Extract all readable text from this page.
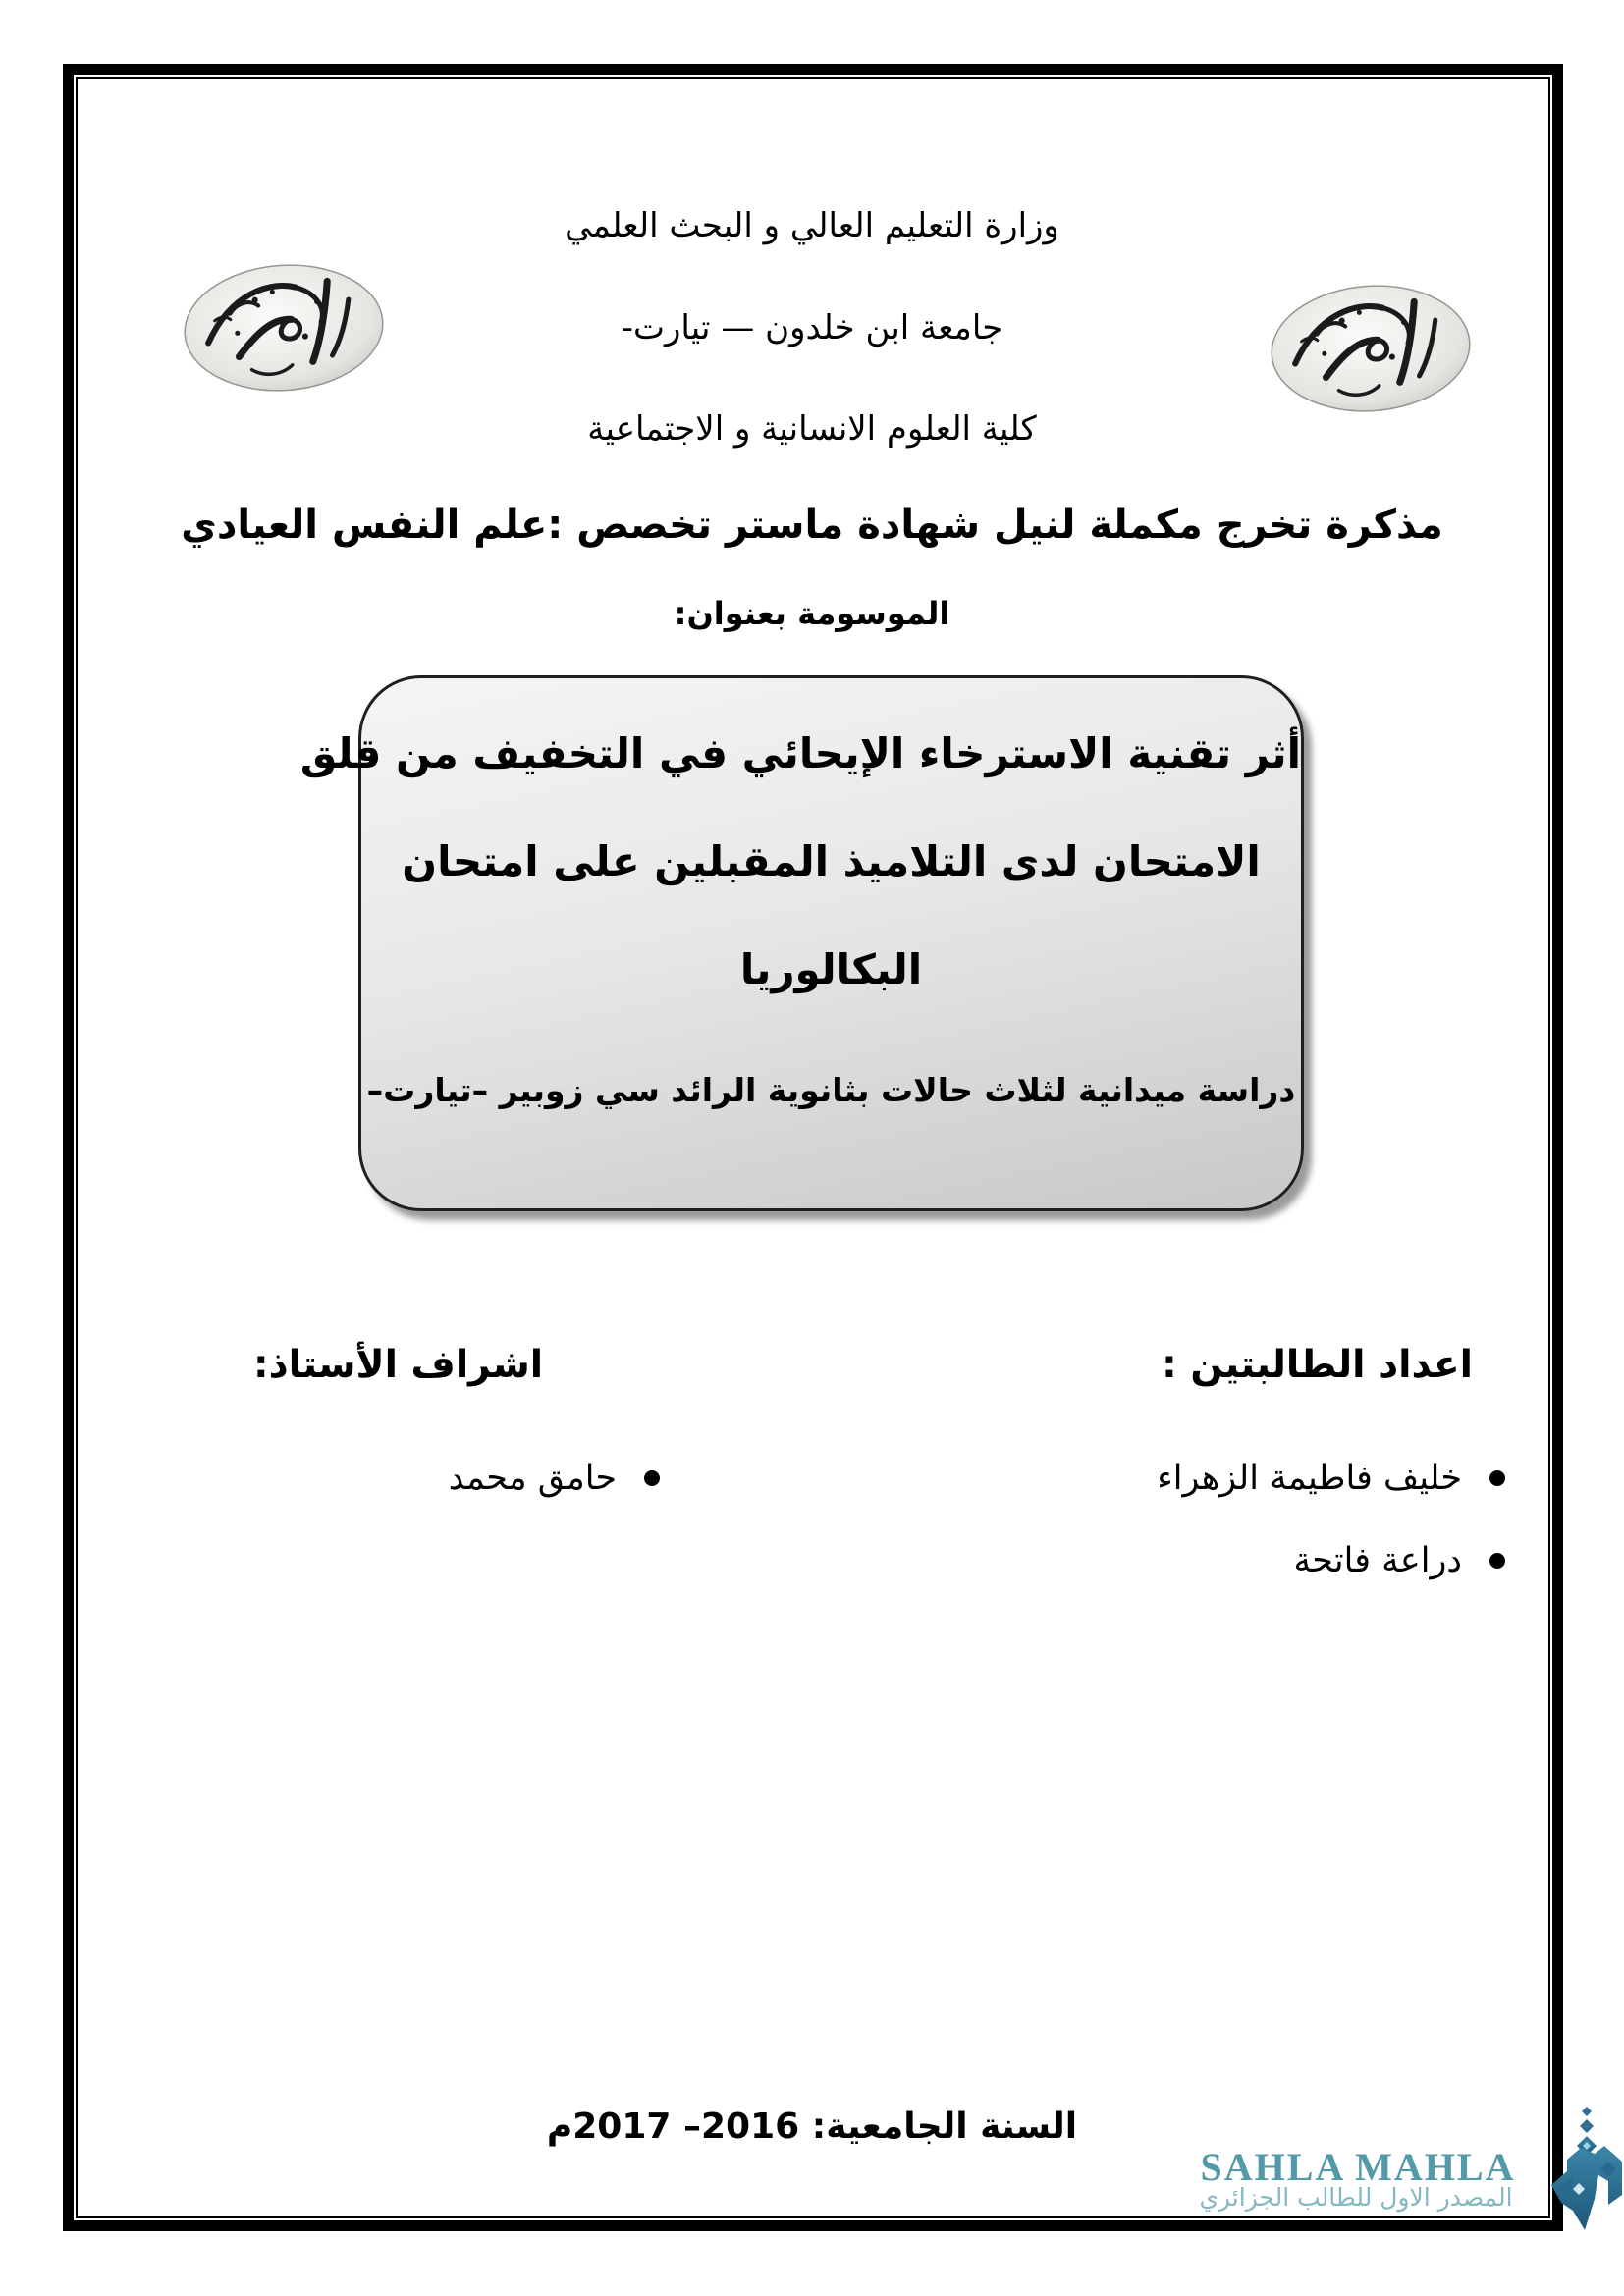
وزارة التعليم العالي و البحث العلمي
جامعة ابن خلدون — تيارت-
كلية العلوم الانسانية و الاجتماعية
مذكرة تخرج مكملة لنيل شهادة ماستر تخصص :علم النفس العيادي
الموسومة بعنوان:
أثر تقنية الاسترخاء الإيحائي في التخفيف من قلق
الامتحان لدى التلاميذ المقبلين على امتحان
البكالوريا
دراسة ميدانية لثلاث حالات بثانوية الرائد سي زوبير –تيارت–
اعداد الطالبتين :
خليف فاطيمة الزهراء
دراعة فاتحة
اشراف الأستاذ:
حامق محمد
السنة الجامعية: 2016– 2017م
SAHLA MAHLA
المصدر الاول للطالب الجزائري
